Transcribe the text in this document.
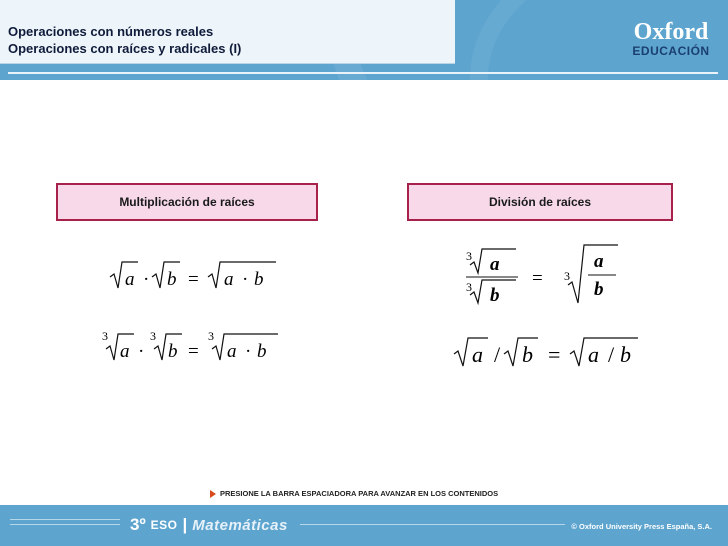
Operaciones con números reales
Operaciones con raíces y radicales (I)
Oxford
EDUCACIÓN
Multiplicación de raíces	División de raíces
a · b = a · b
3
a ·
3
b =
3
a · b
3 a
3 b
= 3
a
b
a / b = a / b
PRESIONE LA BARRA ESPACIADORA PARA AVANZAR EN LOS CONTENIDOS
3º ESO | Matemáticas	© Oxford University Press España, S.A.
